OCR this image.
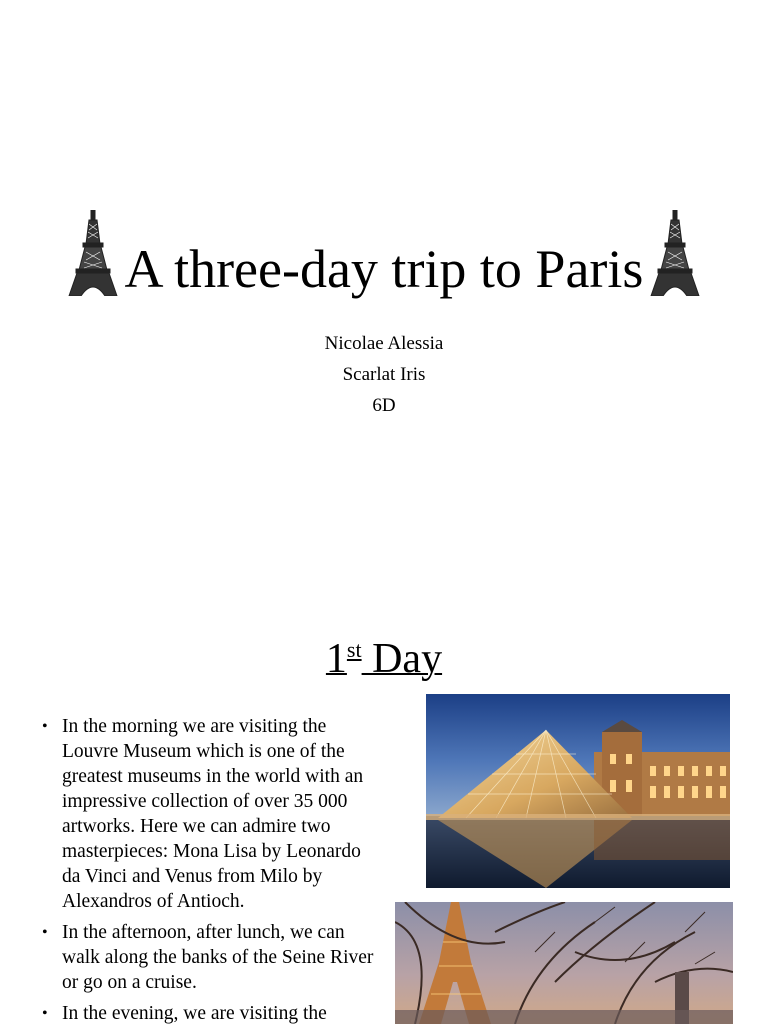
A three-day trip to Paris
Nicolae Alessia
Scarlat Iris
6D
1st Day
• In the morning we are visiting the Louvre Museum which is one of the greatest museums in the world with an impressive collection of over 35 000 artworks. Here we can admire two masterpieces: Mona Lisa by Leonardo da Vinci and Venus from Milo by Alexandros of Antioch.
• In the afternoon, after lunch, we can walk along the banks of the Seine River or go on a cruise.
• In the evening, we are visiting the
